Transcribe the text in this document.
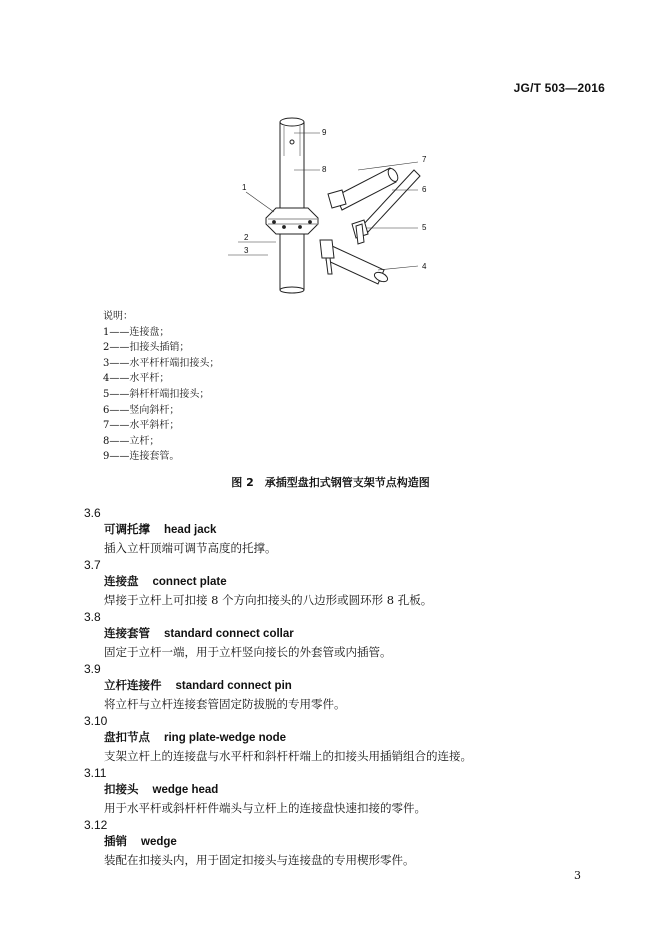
JG/T 503—2016
9
8
1
2
3
4
5
6
7
说明：
1——连接盘；
2——扣接头插销；
3——水平杆杆端扣接头；
4——水平杆；
5——斜杆杆端扣接头；
6——竖向斜杆；
7——水平斜杆；
8——立杆；
9——连接套管。
图 2　承插型盘扣式钢管支架节点构造图
3.6
可调托撑 head jack
插入立杆顶端可调节高度的托撑。
3.7
连接盘 connect plate
焊接于立杆上可扣接 8 个方向扣接头的八边形或圆环形 8 孔板。
3.8
连接套管 standard connect collar
固定于立杆一端，用于立杆竖向接长的外套管或内插管。
3.9
立杆连接件 standard connect pin
将立杆与立杆连接套管固定防拔脱的专用零件。
3.10
盘扣节点 ring plate-wedge node
支架立杆上的连接盘与水平杆和斜杆杆端上的扣接头用插销组合的连接。
3.11
扣接头 wedge head
用于水平杆或斜杆杆件端头与立杆上的连接盘快速扣接的零件。
3.12
插销 wedge
装配在扣接头内，用于固定扣接头与连接盘的专用楔形零件。
3
